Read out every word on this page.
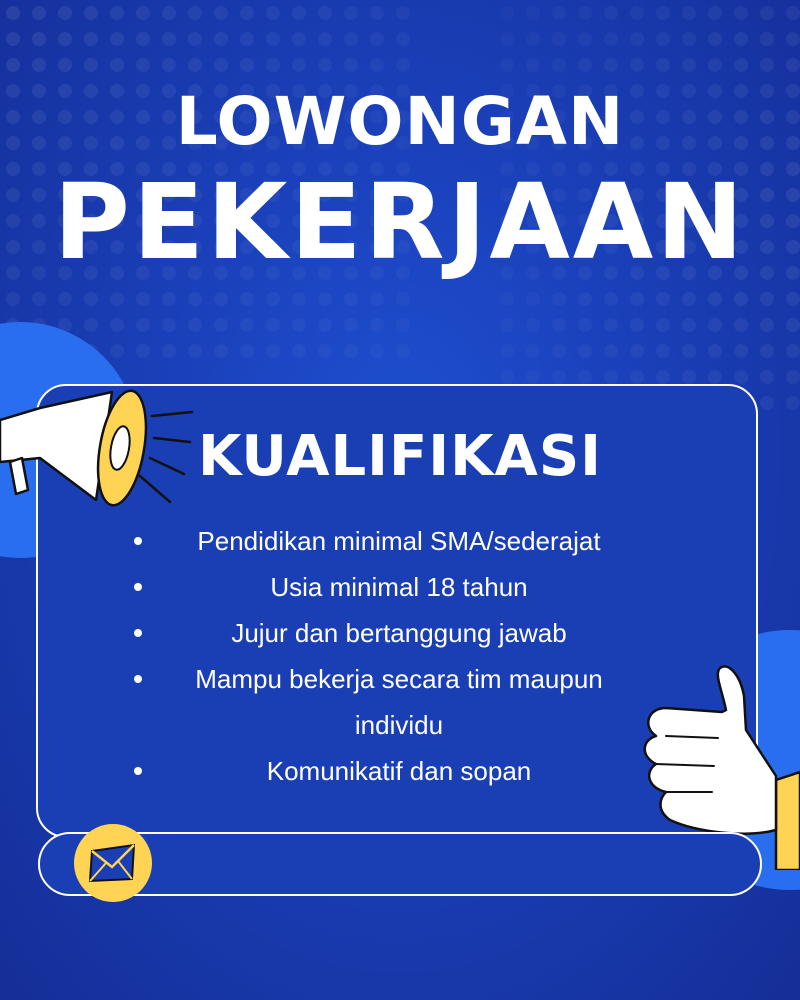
LOWONGAN
PEKERJAAN
KUALIFIKASI
Pendidikan minimal SMA/sederajat
Usia minimal 18 tahun
Jujur dan bertanggung jawab
Mampu bekerja secara tim maupun individu
Komunikatif dan sopan
